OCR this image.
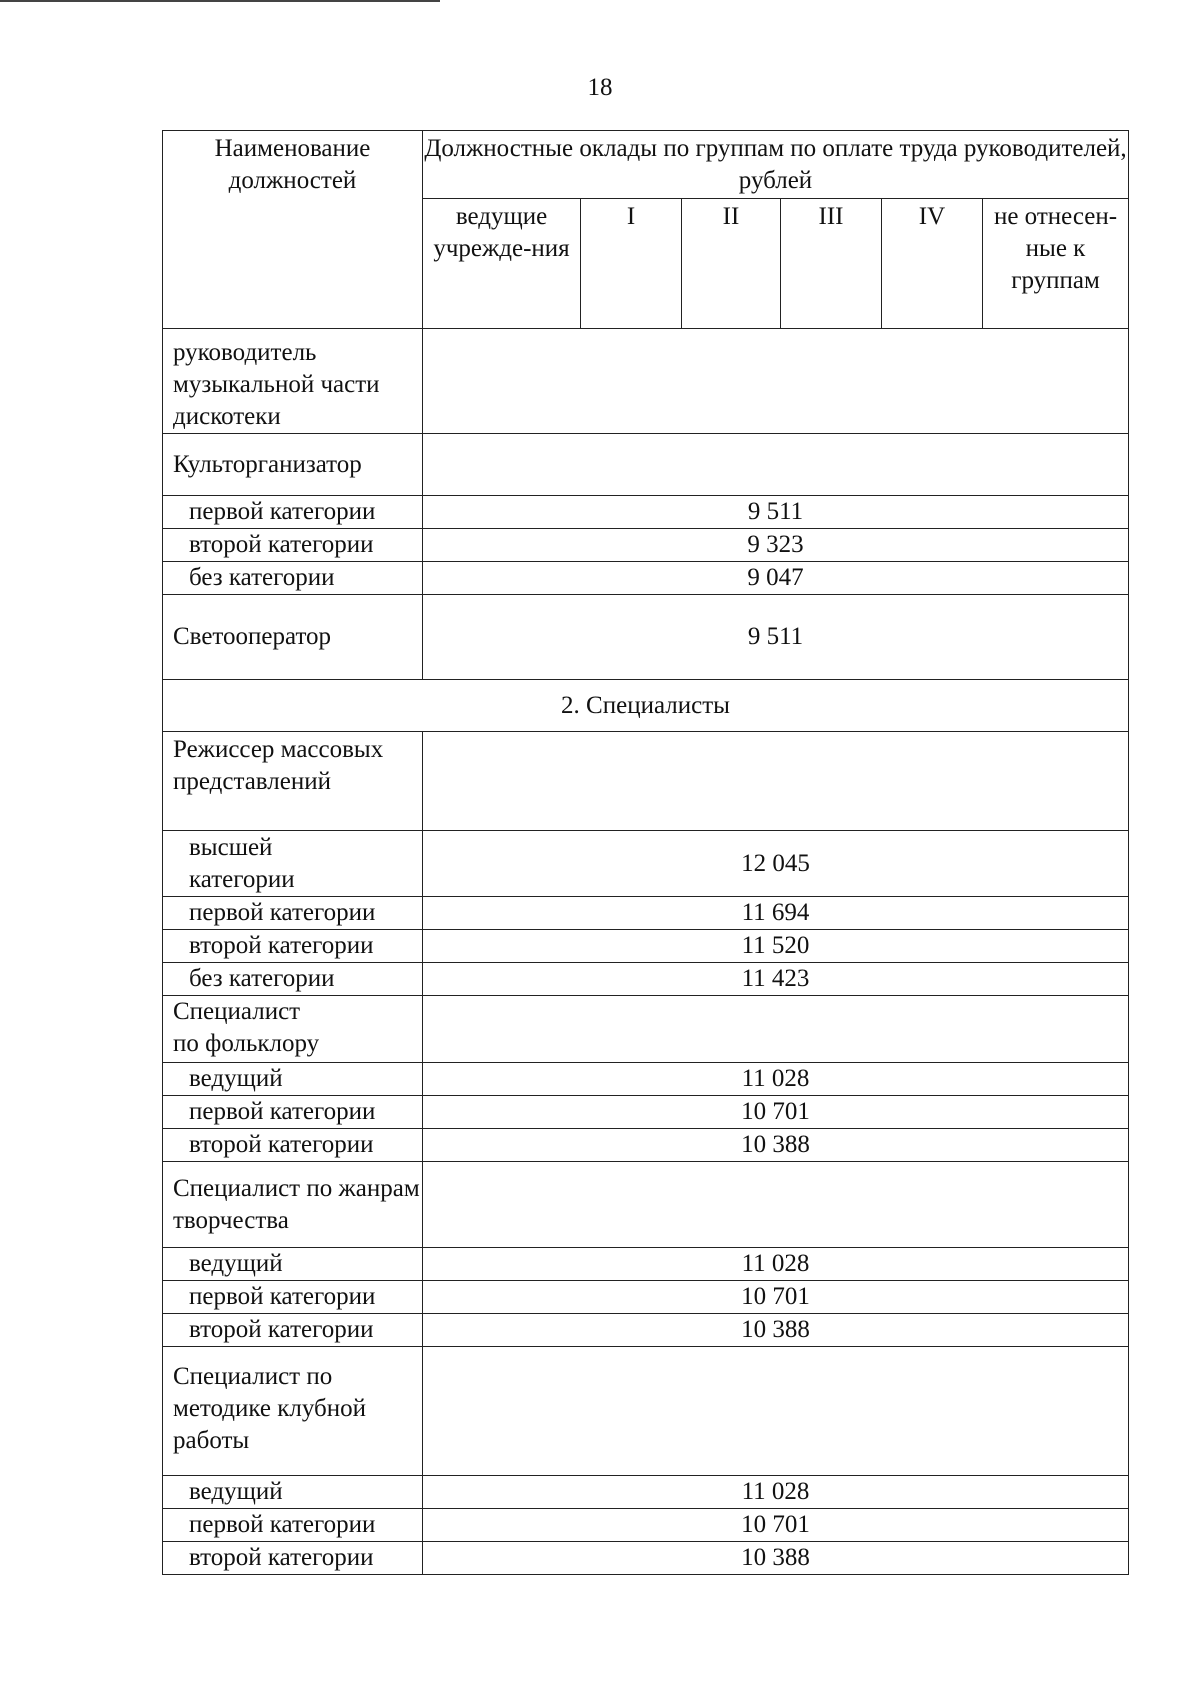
18
Наименование должностей	Должностные оклады по группам по оплате труда руководителей, рублей					
	ведущие учрежде-ния	I	II	III	IV	не отнесен-ные к группам
руководитель музыкальной части дискотеки						
Культорганизатор						
первой категории	9 511					
второй категории	9 323					
без категории	9 047					
Светооператор	9 511					
2. Специалисты						
Режиссер массовых представлений						
высшей категории	12 045					
первой категории	11 694					
второй категории	11 520					
без категории	11 423					
Специалист по фольклору						
ведущий	11 028					
первой категории	10 701					
второй категории	10 388					
Специалист по жанрам творчества						
ведущий	11 028					
первой категории	10 701					
второй категории	10 388					
Специалист по методике клубной работы						
ведущий	11 028					
первой категории	10 701					
второй категории	10 388					
